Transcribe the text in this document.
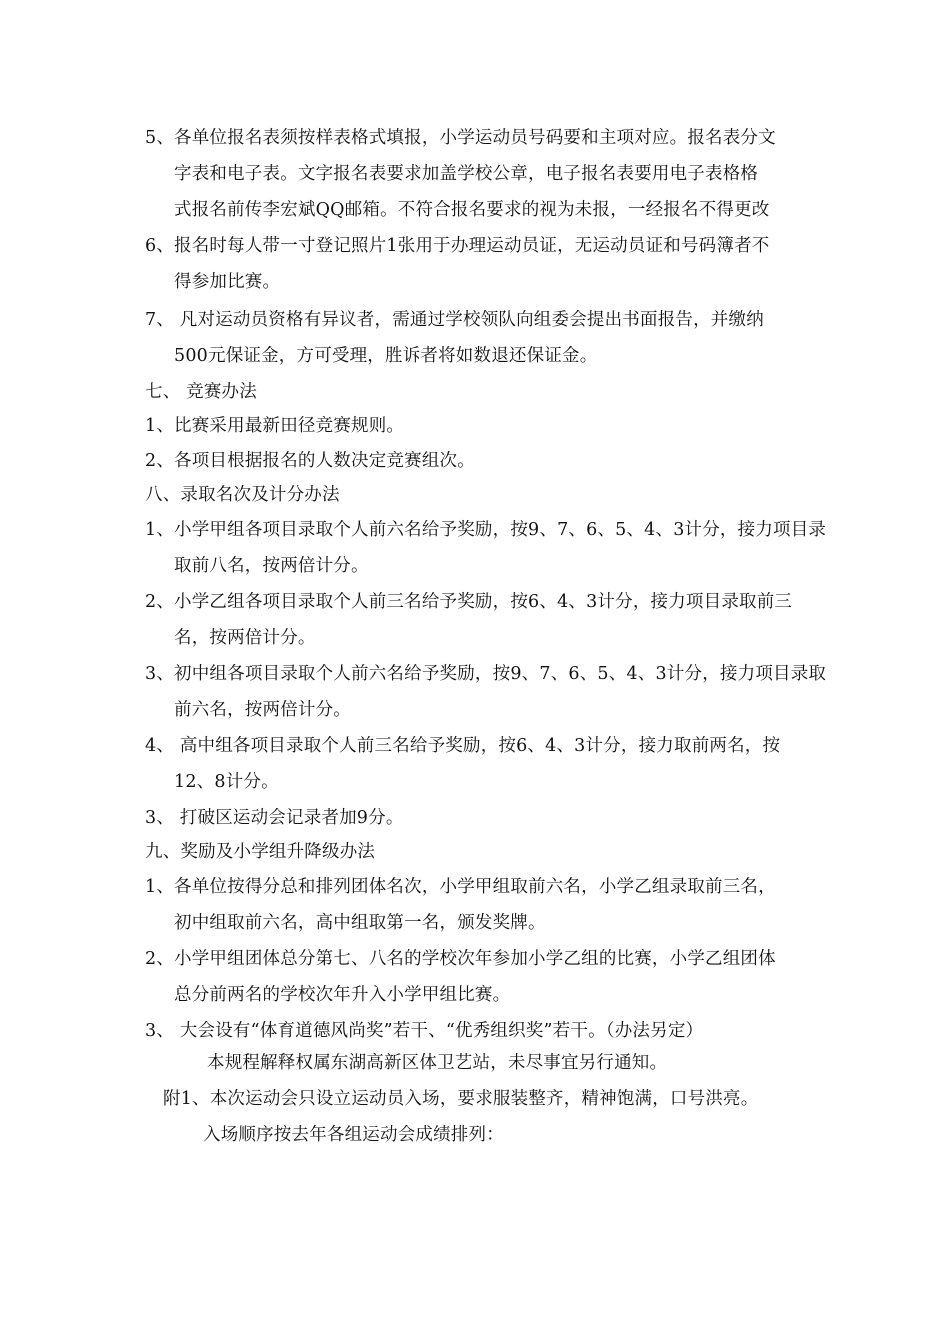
5、各单位报名表须按样表格式填报，小学运动员号码要和主项对应。报名表分文
字表和电子表。文字报名表要求加盖学校公章，电子报名表要用电子表格格
式报名前传李宏斌QQ邮箱。不符合报名要求的视为未报，一经报名不得更改
6、报名时每人带一寸登记照片1张用于办理运动员证，无运动员证和号码簿者不
得参加比赛。
7、 凡对运动员资格有异议者，需通过学校领队向组委会提出书面报告，并缴纳
500元保证金，方可受理，胜诉者将如数退还保证金。
七、 竞赛办法
1、比赛采用最新田径竞赛规则。
2、各项目根据报名的人数决定竞赛组次。
八、录取名次及计分办法
1、小学甲组各项目录取个人前六名给予奖励，按9、7、6、5、4、3计分，接力项目录
取前八名，按两倍计分。
2、小学乙组各项目录取个人前三名给予奖励，按6、4、3计分，接力项目录取前三
名，按两倍计分。
3、初中组各项目录取个人前六名给予奖励，按9、7、6、5、4、3计分，接力项目录取
前六名，按两倍计分。
4、 高中组各项目录取个人前三名给予奖励，按6、4、3计分，接力取前两名，按
12、8计分。
3、 打破区运动会记录者加9分。
九、奖励及小学组升降级办法
1、各单位按得分总和排列团体名次，小学甲组取前六名，小学乙组录取前三名，
初中组取前六名，高中组取第一名，颁发奖牌。
2、小学甲组团体总分第七、八名的学校次年参加小学乙组的比赛，小学乙组团体
总分前两名的学校次年升入小学甲组比赛。
3、 大会设有“体育道德风尚奖”若干、“优秀组织奖”若干。（办法另定）
本规程解释权属东湖高新区体卫艺站，未尽事宜另行通知。
附1、本次运动会只设立运动员入场，要求服装整齐，精神饱满，口号洪亮。
入场顺序按去年各组运动会成绩排列：
